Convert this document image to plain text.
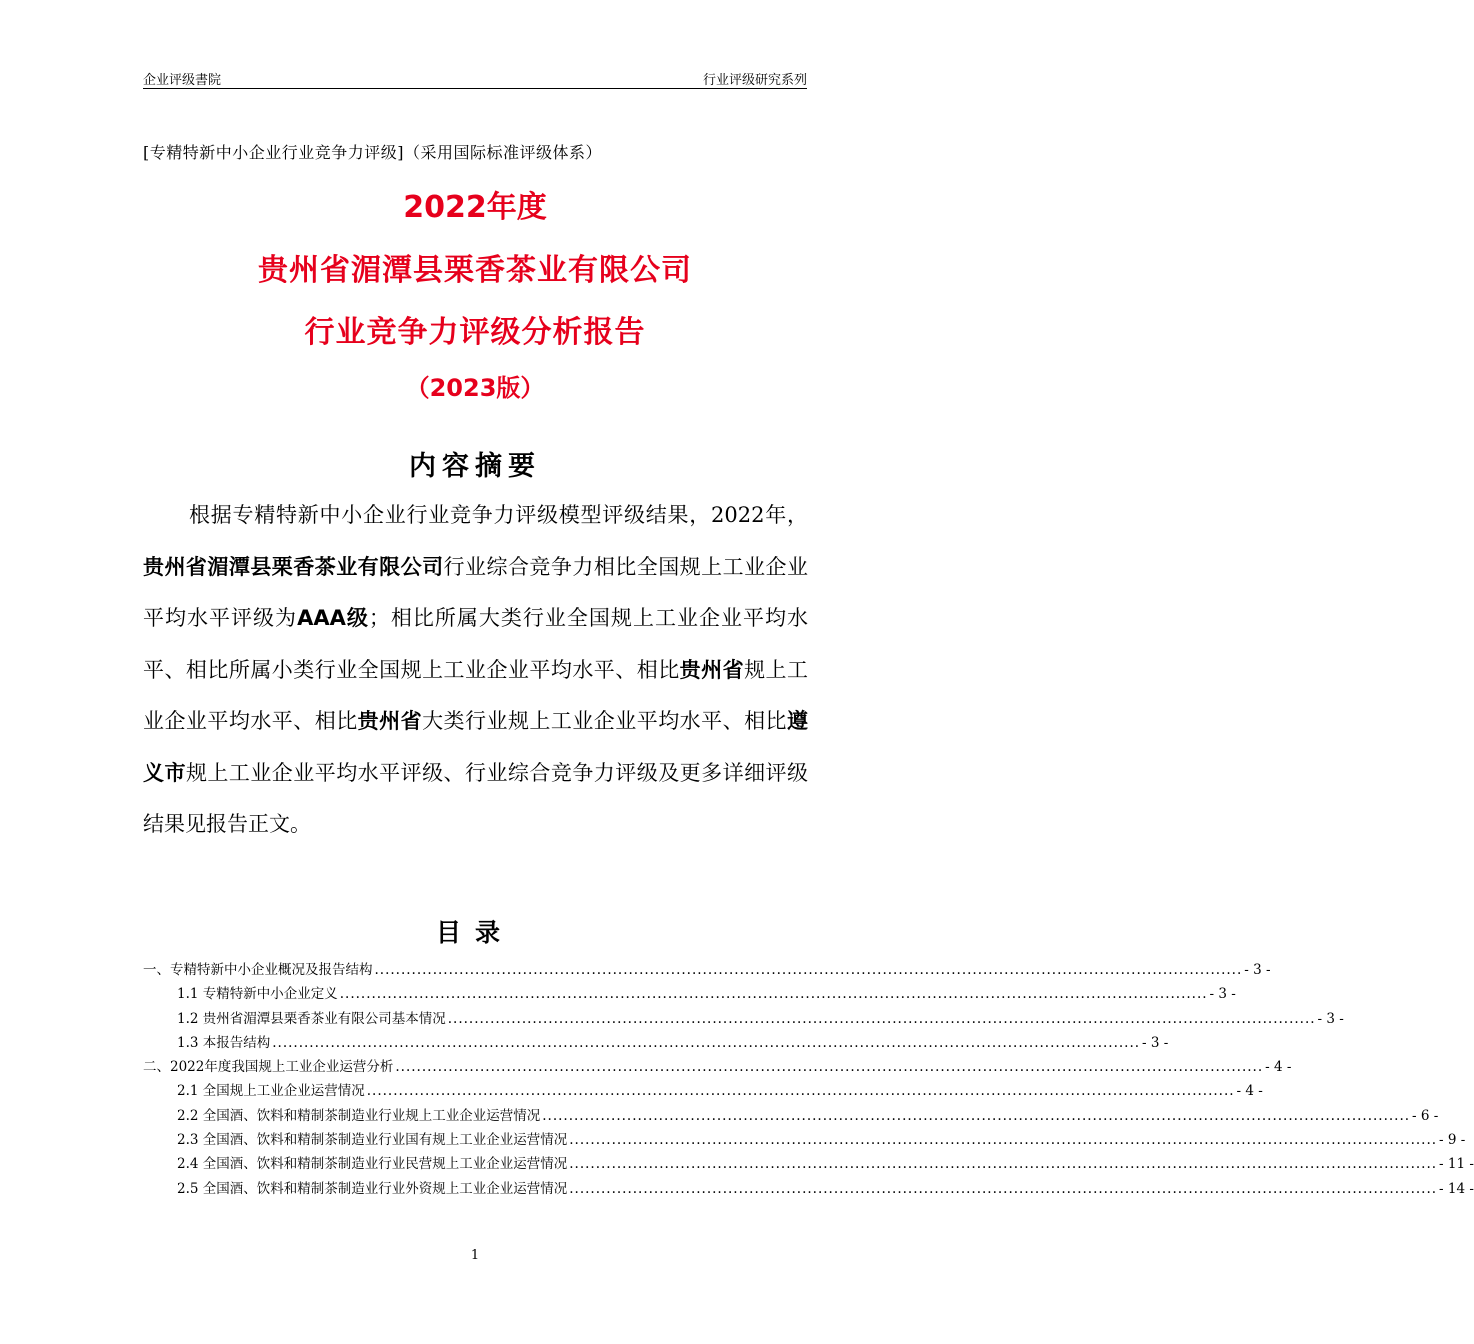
企业评级書院	行业评级研究系列
[专精特新中小企业行业竞争力评级]（采用国际标准评级体系）
2022年度
贵州省湄潭县栗香茶业有限公司
行业竞争力评级分析报告
（2023版）
内容摘要
根据专精特新中小企业行业竞争力评级模型评级结果，2022年，贵州省湄潭县栗香茶业有限公司行业综合竞争力相比全国规上工业企业平均水平评级为AAA级；相比所属大类行业全国规上工业企业平均水平、相比所属小类行业全国规上工业企业平均水平、相比贵州省规上工业企业平均水平、相比贵州省大类行业规上工业企业平均水平、相比遵义市规上工业企业平均水平评级、行业综合竞争力评级及更多详细评级结果见报告正文。
目录
一、专精特新中小企业概况及报告结构 .................................................................................................................................................................... - 3 -
1.1 专精特新中小企业定义 .................................................................................................................................................................... - 3 -
1.2 贵州省湄潭县栗香茶业有限公司基本情况 .................................................................................................................................................................... - 3 -
1.3 本报告结构 .................................................................................................................................................................... - 3 -
二、2022年度我国规上工业企业运营分析 .................................................................................................................................................................... - 4 -
2.1 全国规上工业企业运营情况 .................................................................................................................................................................... - 4 -
2.2 全国酒、饮料和精制茶制造业行业规上工业企业运营情况 .................................................................................................................................................................... - 6 -
2.3 全国酒、饮料和精制茶制造业行业国有规上工业企业运营情况 .................................................................................................................................................................... - 9 -
2.4 全国酒、饮料和精制茶制造业行业民营规上工业企业运营情况 .................................................................................................................................................................... - 11 -
2.5 全国酒、饮料和精制茶制造业行业外资规上工业企业运营情况 .................................................................................................................................................................... - 14 -
1
